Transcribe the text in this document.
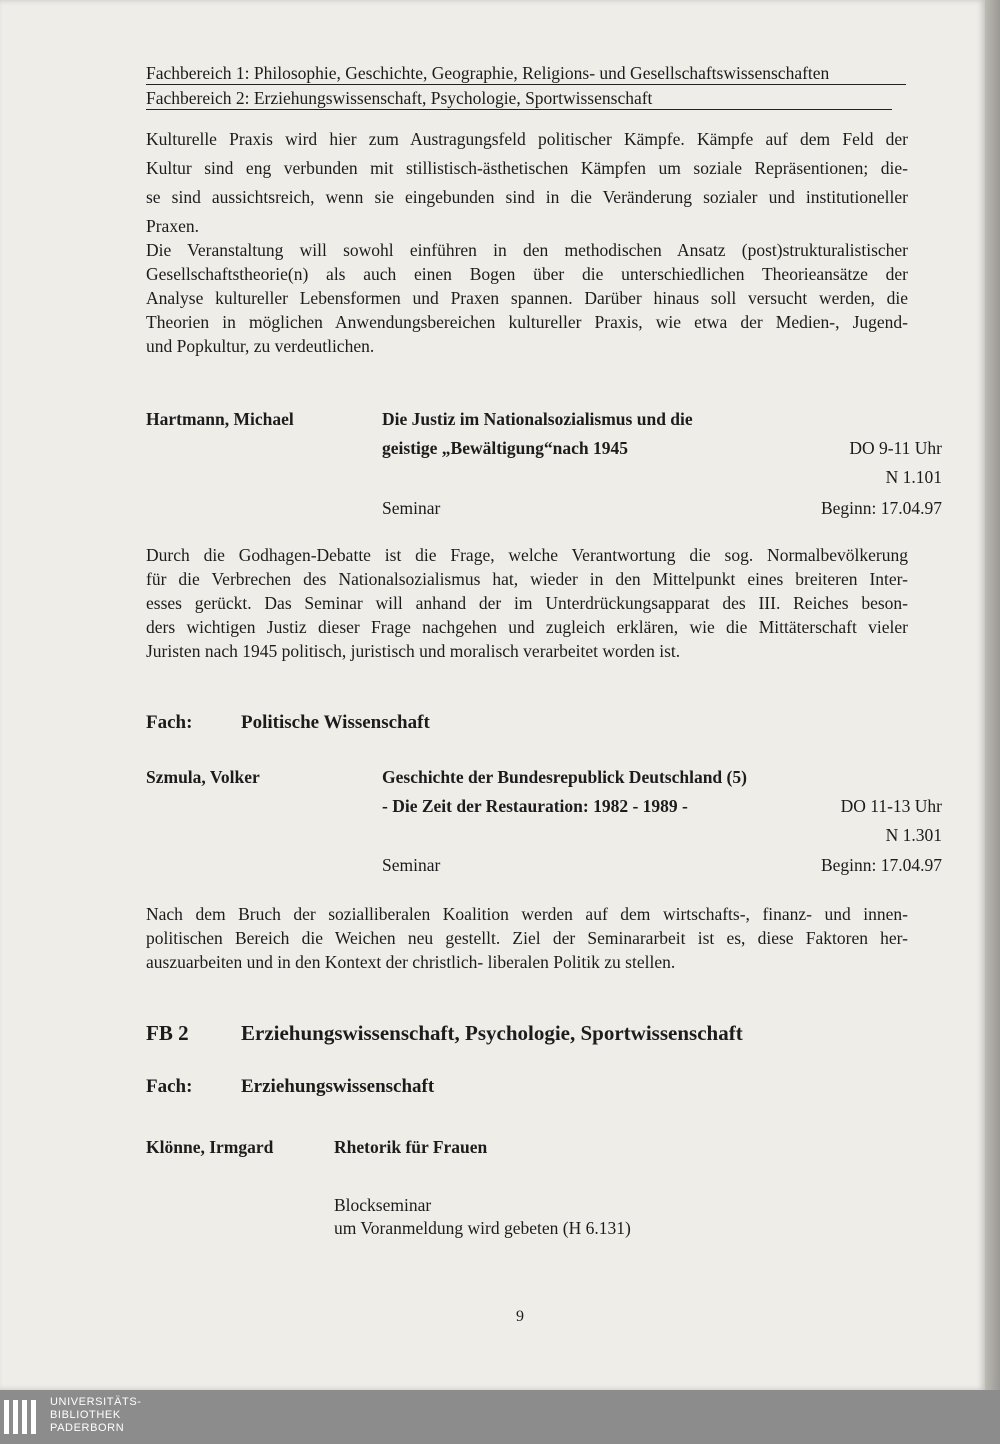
Fachbereich 1: Philosophie, Geschichte, Geographie, Religions- und Gesellschaftswissenschaften
Fachbereich 2: Erziehungswissenschaft, Psychologie, Sportwissenschaft
Kulturelle Praxis wird hier zum Austragungsfeld politischer Kämpfe. Kämpfe auf dem Feld der
Kultur sind eng verbunden mit stillistisch-ästhetischen Kämpfen um soziale Repräsentionen; die-
se sind aussichtsreich, wenn sie eingebunden sind in die Veränderung sozialer und institutioneller
Praxen.
Die Veranstaltung will sowohl einführen in den methodischen Ansatz (post)strukturalistischer
Gesellschaftstheorie(n) als auch einen Bogen über die unterschiedlichen Theorieansätze der
Analyse kultureller Lebensformen und Praxen spannen. Darüber hinaus soll versucht werden, die
Theorien in möglichen Anwendungsbereichen kultureller Praxis, wie etwa der Medien-, Jugend-
und Popkultur, zu verdeutlichen.
Hartmann, Michael	Die Justiz im Nationalsozialismus und die
geistige „Bewältigung“nach 1945	DO 9-11 Uhr
N 1.101
Seminar	Beginn: 17.04.97
Durch die Godhagen-Debatte ist die Frage, welche Verantwortung die sog. Normalbevölkerung
für die Verbrechen des Nationalsozialismus hat, wieder in den Mittelpunkt eines breiteren Inter-
esses gerückt. Das Seminar will anhand der im Unterdrückungsapparat des III. Reiches beson-
ders wichtigen Justiz dieser Frage nachgehen und zugleich erklären, wie die Mittäterschaft vieler
Juristen nach 1945 politisch, juristisch und moralisch verarbeitet worden ist.
Fach:	Politische Wissenschaft
Szmula, Volker	Geschichte der Bundesrepublick Deutschland (5)
- Die Zeit der Restauration: 1982 - 1989 -	DO 11-13 Uhr
N 1.301
Seminar	Beginn: 17.04.97
Nach dem Bruch der sozialliberalen Koalition werden auf dem wirtschafts-, finanz- und innen-
politischen Bereich die Weichen neu gestellt. Ziel der Seminararbeit ist es, diese Faktoren her-
auszuarbeiten und in den Kontext der christlich- liberalen Politik zu stellen.
FB 2 Erziehungswissenschaft, Psychologie, Sportwissenschaft
Fach:	Erziehungswissenschaft
Klönne, Irmgard	Rhetorik für Frauen
Blockseminar
um Voranmeldung wird gebeten (H 6.131)
9
UNIVERSITÄTS-
BIBLIOTHEK
PADERBORN
